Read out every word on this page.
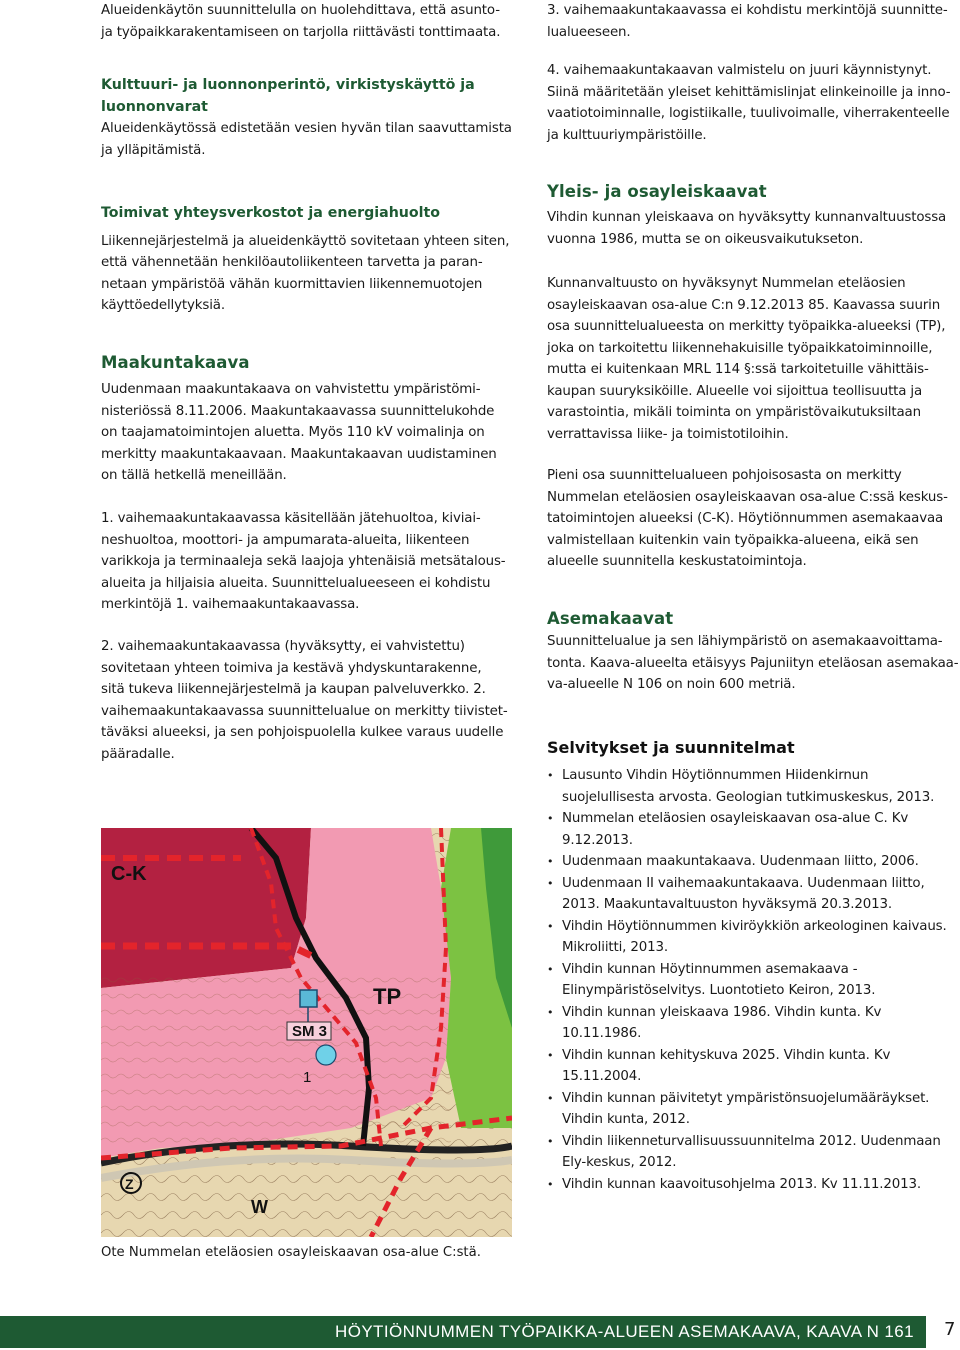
Alueidenkäytön suunnittelulla on huolehdittava, että asunto-

ja työpaikkarakentamiseen on tarjolla riittävästi tonttimaata.

Kulttuuri- ja luonnonperintö, virkistyskäyttö ja
luonnonvarat

Alueidenkäytössä edistetään vesien hyvän tilan saavuttamista

ja ylläpitämistä.

Toimivat yhteysverkostot ja energiahuolto

Liikennejärjestelmä ja alueidenkäyttö sovitetaan yhteen siten,

että vähennetään henkilöautoliikenteen tarvetta ja paran-

netaan ympäristöä vähän kuormittavien liikennemuotojen

käyttöedellytyksiä.

Maakuntakaava

Uudenmaan maakuntakaava on vahvistettu ympäristömi-

nisteriössä 8.11.2006. Maakuntakaavassa suunnittelukohde

on taajamatoimintojen aluetta. Myös 110 kV voimalinja on

merkitty maakuntakaavaan. Maakuntakaavan uudistaminen

on tällä hetkellä meneillään.

1. vaihemaakuntakaavassa käsitellään jätehuoltoa, kiviai-

neshuoltoa, moottori- ja ampumarata-alueita, liikenteen

varikkoja ja terminaaleja sekä laajoja yhtenäisiä metsätalous-

alueita ja hiljaisia alueita. Suunnittelualueeseen ei kohdistu

merkintöjä 1. vaihemaakuntakaavassa.

2. vaihemaakuntakaavassa (hyväksytty, ei vahvistettu)

sovitetaan yhteen toimiva ja kestävä yhdyskuntarakenne,

sitä tukeva liikennejärjestelmä ja kaupan palveluverkko. 2.

vaihemaakuntakaavassa suunnittelualue on merkitty tiivistet-

täväksi alueeksi, ja sen pohjoispuolella kulkee varaus uudelle

pääradalle.

C-K
TP
SM 3
1
W
Z
Ote Nummelan eteläosien osayleiskaavan osa-alue C:stä.

3. vaihemaakuntakaavassa ei kohdistu merkintöjä suunnitte-

lualueeseen.

4. vaihemaakuntakaavan valmistelu on juuri käynnistynyt.

Siinä määritetään yleiset kehittämislinjat elinkeinoille ja inno-

vaatiotoiminnalle, logistiikalle, tuulivoimalle, viherrakenteelle

ja kulttuuriympäristöille.

Yleis- ja osayleiskaavat

Vihdin kunnan yleiskaava on hyväksytty kunnanvaltuustossa

vuonna 1986, mutta se on oikeusvaikutukseton.

Kunnanvaltuusto on hyväksynyt Nummelan eteläosien

osayleiskaavan osa-alue C:n 9.12.2013 85. Kaavassa suurin

osa suunnittelualueesta on merkitty työpaikka-alueeksi (TP),

joka on tarkoitettu liikennehakuisille työpaikkatoiminnoille,

mutta ei kuitenkaan MRL 114 §:ssä tarkoitetuille vähittäis-

kaupan suuryksiköille. Alueelle voi sijoittua teollisuutta ja

varastointia, mikäli toiminta on ympäristövaikutuksiltaan

verrattavissa liike- ja toimistotiloihin.

Pieni osa suunnittelualueen pohjoisosasta on merkitty

Nummelan eteläosien osayleiskaavan osa-alue C:ssä keskus-

tatoimintojen alueeksi (C-K). Höytiönnummen asemakaavaa

valmistellaan kuitenkin vain työpaikka-alueena, eikä sen

alueelle suunnitella keskustatoimintoja.

Asemakaavat

Suunnittelualue ja sen lähiympäristö on asemakaavoittama-

tonta. Kaava-alueelta etäisyys Pajuniityn eteläosan asemakaa-

va-alueelle N 106 on noin 600 metriä.

Selvitykset ja suunnitelmat
• Lausunto Vihdin Höytiönnummen Hiidenkirnun
suojelullisesta arvosta. Geologian tutkimuskeskus, 2013.
• Nummelan eteläosien osayleiskaavan osa-alue C. Kv
9.12.2013.
• Uudenmaan maakuntakaava. Uudenmaan liitto, 2006.
• Uudenmaan II vaihemaakuntakaava. Uudenmaan liitto,
2013. Maakuntavaltuuston hyväksymä 20.3.2013.
• Vihdin Höytiönnummen kiviröykkiön arkeologinen kaivaus.
Mikroliitti, 2013.
• Vihdin kunnan Höytinnummen asemakaava -
Elinympäristöselvitys. Luontotieto Keiron, 2013.
• Vihdin kunnan yleiskaava 1986. Vihdin kunta. Kv 10.11.1986.
• Vihdin kunnan kehityskuva 2025. Vihdin kunta. Kv
15.11.2004.
• Vihdin kunnan päivitetyt ympäristönsuojelumääräykset.
Vihdin kunta, 2012.
• Vihdin liikenneturvallisuussuunnitelma 2012. Uudenmaan
Ely-keskus, 2012.
• Vihdin kunnan kaavoitusohjelma 2013. Kv 11.11.2013.
HÖYTIÖNNUMMEN TYÖPAIKKA-ALUEEN ASEMAKAAVA, KAAVA N 161 7
